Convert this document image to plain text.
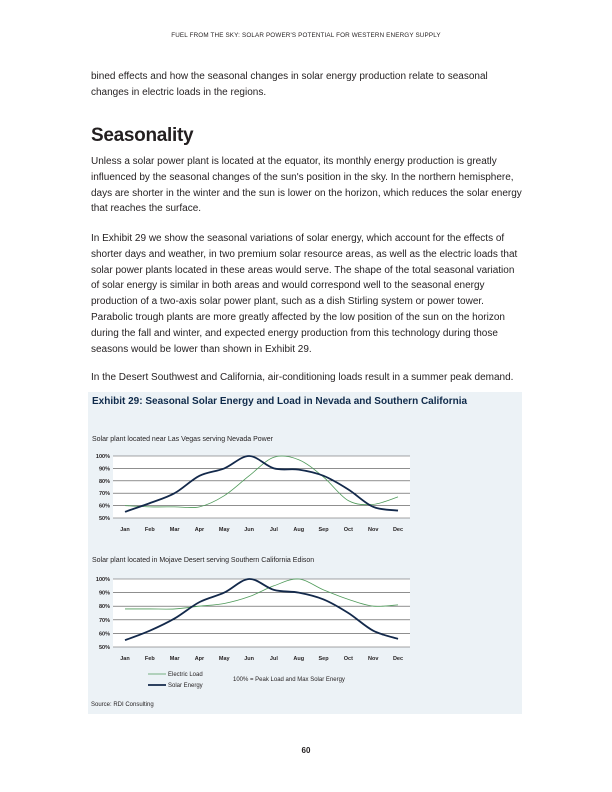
FUEL FROM THE SKY: SOLAR POWER'S POTENTIAL FOR WESTERN ENERGY SUPPLY

bined effects and how the seasonal changes in solar energy production relate to seasonal changes in electric loads in the regions.

Seasonality

Unless a solar power plant is located at the equator, its monthly energy production is greatly influenced by the seasonal changes of the sun's position in the sky. In the northern hemisphere, days are shorter in the winter and the sun is lower on the horizon, which reduces the solar energy that reaches the surface.

In Exhibit 29 we show the seasonal variations of solar energy, which account for the effects of shorter days and weather, in two premium solar resource areas, as well as the electric loads that solar power plants located in these areas would serve. The shape of the total seasonal variation of solar energy is similar in both areas and would correspond well to the seasonal energy production of a two-axis solar power plant, such as a dish Stirling system or power tower. Parabolic trough plants are more greatly affected by the low position of the sun on the horizon during the fall and winter, and expected energy production from this technology during those seasons would be lower than shown in Exhibit 29.

In the Desert Southwest and California, air-conditioning loads result in a summer peak demand.

Exhibit 29: Seasonal Solar Energy and Load in Nevada and Southern California
Solar plant located near Las Vegas serving Nevada Power
50%
60%
70%
80%
90%
100%
Jan	Feb	Mar	Apr	May	Jun	Jul	Aug	Sep	Oct	Nov	Dec
Solar plant located in Mojave Desert serving Southern California Edison
50%
60%
70%
80%
90%
100%
Jan	Feb	Mar	Apr	May	Jun	Jul	Aug	Sep	Oct	Nov	Dec
Electric Load
Solar Energy
100% = Peak Load and Max Solar Energy
Source: RDI Consulting
60
